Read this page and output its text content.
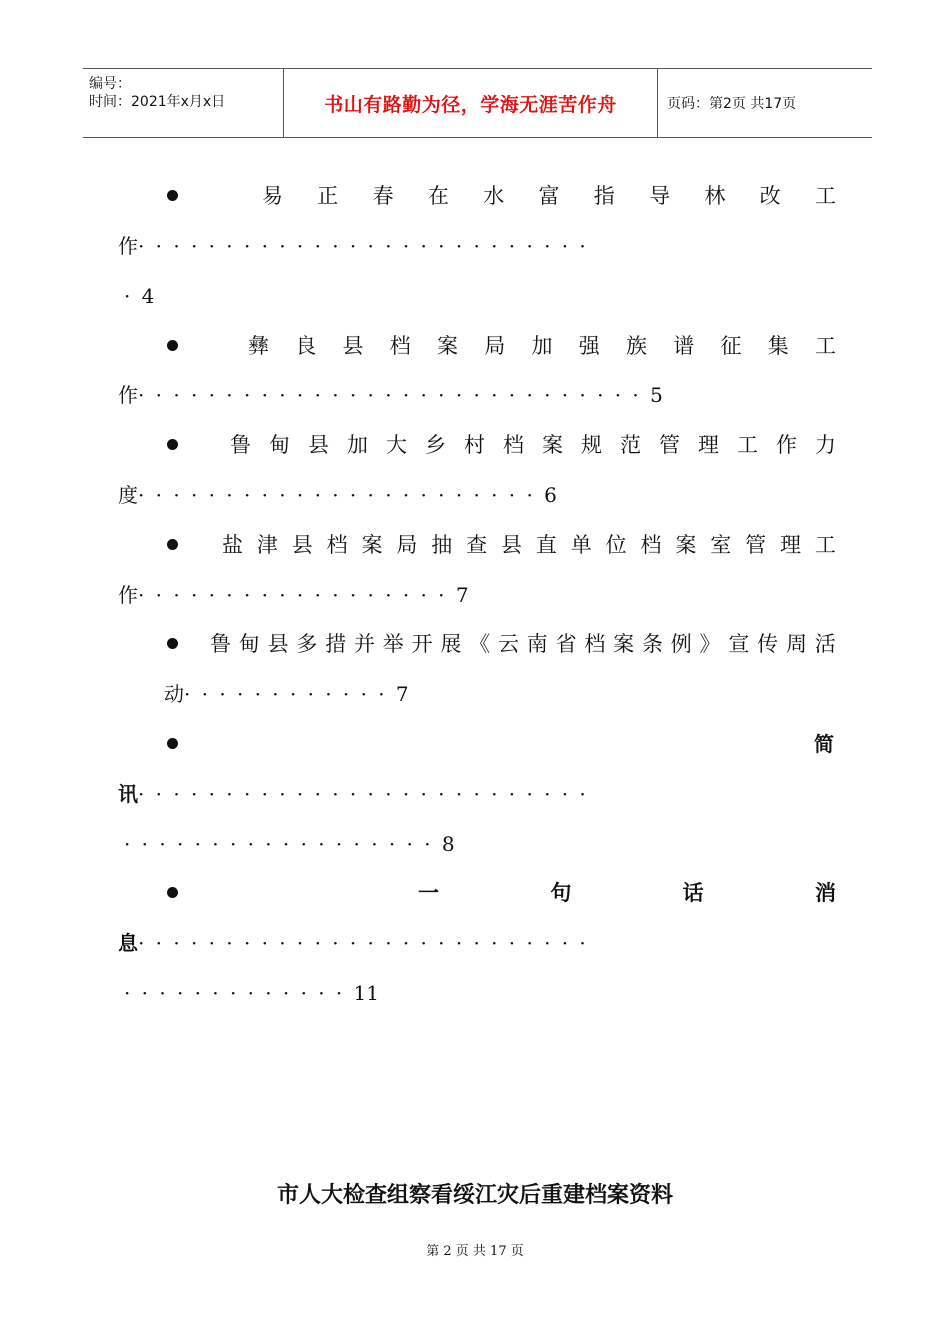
编号：
时间：2021年x月x日	书山有路勤为径，学海无涯苦作舟	页码：第2页 共17页
易 正 春 在 水 富 指 导 林 改 工
作··························
·4
彝 良 县 档 案 局 加 强 族 谱 征 集 工
作·····························5
鲁 甸 县 加 大 乡 村 档 案 规 范 管 理 工 作 力
度·······················6
盐 津 县 档 案 局 抽 查 县 直 单 位 档 案 室 管 理 工
作··················7
鲁 甸 县 多 措 并 举 开 展 《 云 南 省 档 案 条 例 》 宣 传 周 活
动············7
简
讯··························
··················8
一	句	话	消
息··························
·············11
市人大检查组察看绥江灾后重建档案资料
第 2 页 共 17 页
